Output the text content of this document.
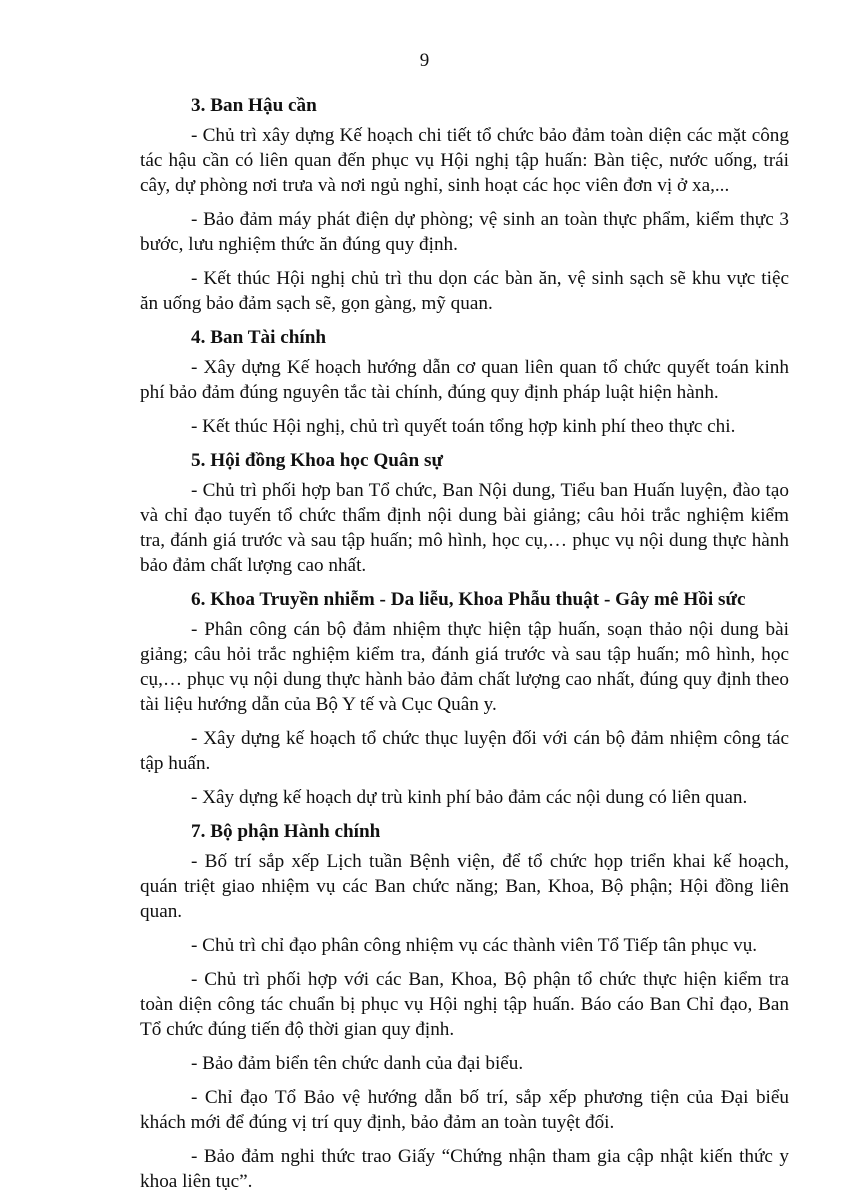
9
3. Ban Hậu cần

- Chủ trì xây dựng Kế hoạch chi tiết tổ chức bảo đảm toàn diện các mặt công tác hậu cần có liên quan đến phục vụ Hội nghị tập huấn: Bàn tiệc, nước uống, trái cây, dự phòng nơi trưa và nơi ngủ nghỉ, sinh hoạt các học viên đơn vị ở xa,...

- Bảo đảm máy phát điện dự phòng; vệ sinh an toàn thực phẩm, kiểm thực 3 bước, lưu nghiệm thức ăn đúng quy định.

- Kết thúc Hội nghị chủ trì thu dọn các bàn ăn, vệ sinh sạch sẽ khu vực tiệc ăn uống bảo đảm sạch sẽ, gọn gàng, mỹ quan.

4. Ban Tài chính

- Xây dựng Kế hoạch hướng dẫn cơ quan liên quan tổ chức quyết toán kinh phí bảo đảm đúng nguyên tắc tài chính, đúng quy định pháp luật hiện hành.

- Kết thúc Hội nghị, chủ trì quyết toán tổng hợp kinh phí theo thực chi.

5. Hội đồng Khoa học Quân sự

- Chủ trì phối hợp ban Tổ chức, Ban Nội dung, Tiểu ban Huấn luyện, đào tạo và chỉ đạo tuyến tổ chức thẩm định nội dung bài giảng; câu hỏi trắc nghiệm kiểm tra, đánh giá trước và sau tập huấn; mô hình, học cụ,… phục vụ nội dung thực hành bảo đảm chất lượng cao nhất.

6. Khoa Truyền nhiễm - Da liễu, Khoa Phẫu thuật - Gây mê Hồi sức

- Phân công cán bộ đảm nhiệm thực hiện tập huấn, soạn thảo nội dung bài giảng; câu hỏi trắc nghiệm kiểm tra, đánh giá trước và sau tập huấn; mô hình, học cụ,… phục vụ nội dung thực hành bảo đảm chất lượng cao nhất, đúng quy định theo tài liệu hướng dẫn của Bộ Y tế và Cục Quân y.

- Xây dựng kế hoạch tổ chức thục luyện đối với cán bộ đảm nhiệm công tác tập huấn.

- Xây dựng kế hoạch dự trù kinh phí bảo đảm các nội dung có liên quan.

7. Bộ phận Hành chính

- Bố trí sắp xếp Lịch tuần Bệnh viện, để tổ chức họp triển khai kế hoạch, quán triệt giao nhiệm vụ các Ban chức năng; Ban, Khoa, Bộ phận; Hội đồng liên quan.

- Chủ trì chỉ đạo phân công nhiệm vụ các thành viên Tổ Tiếp tân phục vụ.

- Chủ trì phối hợp với các Ban, Khoa, Bộ phận tổ chức thực hiện kiểm tra toàn diện công tác chuẩn bị phục vụ Hội nghị tập huấn. Báo cáo Ban Chỉ đạo, Ban Tổ chức đúng tiến độ thời gian quy định.

- Bảo đảm biển tên chức danh của đại biểu.

- Chỉ đạo Tổ Bảo vệ hướng dẫn bố trí, sắp xếp phương tiện của Đại biểu khách mới để đúng vị trí quy định, bảo đảm an toàn tuyệt đối.

- Bảo đảm nghi thức trao Giấy “Chứng nhận tham gia cập nhật kiến thức y khoa liên tục”.
